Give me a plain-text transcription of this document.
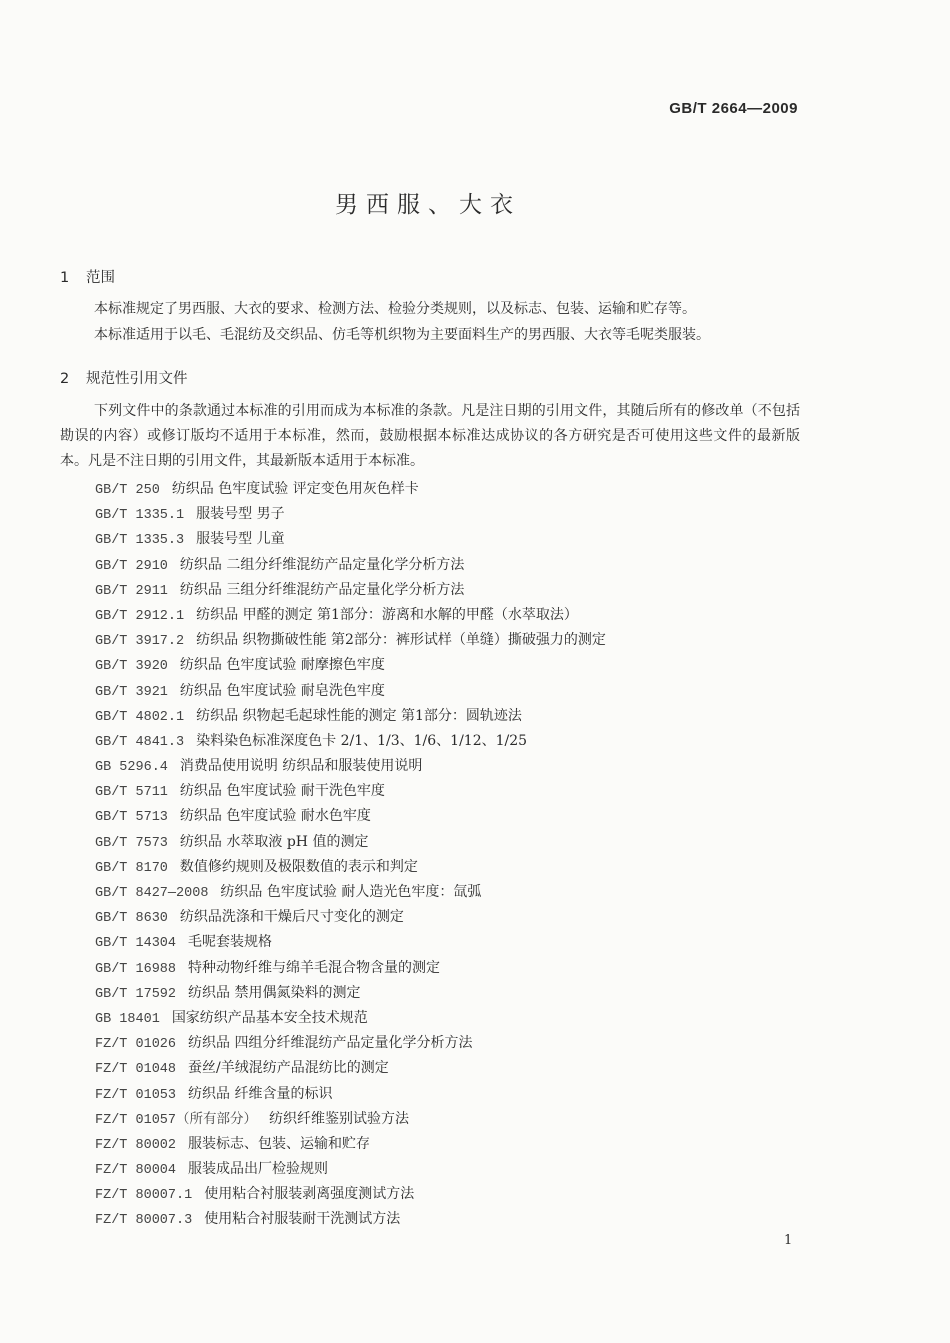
GB/T 2664—2009
男西服、大衣
1 范围
本标准规定了男西服、大衣的要求、检测方法、检验分类规则，以及标志、包装、运输和贮存等。
本标准适用于以毛、毛混纺及交织品、仿毛等机织物为主要面料生产的男西服、大衣等毛呢类服装。
2 规范性引用文件
下列文件中的条款通过本标准的引用而成为本标准的条款。凡是注日期的引用文件，其随后所有的修改单（不包括勘误的内容）或修订版均不适用于本标准，然而，鼓励根据本标准达成协议的各方研究是否可使用这些文件的最新版本。凡是不注日期的引用文件，其最新版本适用于本标准。
GB/T 250 纺织品 色牢度试验 评定变色用灰色样卡
GB/T 1335.1 服装号型 男子
GB/T 1335.3 服装号型 儿童
GB/T 2910 纺织品 二组分纤维混纺产品定量化学分析方法
GB/T 2911 纺织品 三组分纤维混纺产品定量化学分析方法
GB/T 2912.1 纺织品 甲醛的测定 第1部分：游离和水解的甲醛（水萃取法）
GB/T 3917.2 纺织品 织物撕破性能 第2部分：裤形试样（单缝）撕破强力的测定
GB/T 3920 纺织品 色牢度试验 耐摩擦色牢度
GB/T 3921 纺织品 色牢度试验 耐皂洗色牢度
GB/T 4802.1 纺织品 织物起毛起球性能的测定 第1部分：圆轨迹法
GB/T 4841.3 染料染色标准深度色卡 2/1、1/3、1/6、1/12、1/25
GB 5296.4 消费品使用说明 纺织品和服装使用说明
GB/T 5711 纺织品 色牢度试验 耐干洗色牢度
GB/T 5713 纺织品 色牢度试验 耐水色牢度
GB/T 7573 纺织品 水萃取液 pH 值的测定
GB/T 8170 数值修约规则及极限数值的表示和判定
GB/T 8427—2008 纺织品 色牢度试验 耐人造光色牢度：氙弧
GB/T 8630 纺织品洗涤和干燥后尺寸变化的测定
GB/T 14304 毛呢套装规格
GB/T 16988 特种动物纤维与绵羊毛混合物含量的测定
GB/T 17592 纺织品 禁用偶氮染料的测定
GB 18401 国家纺织产品基本安全技术规范
FZ/T 01026 纺织品 四组分纤维混纺产品定量化学分析方法
FZ/T 01048 蚕丝/羊绒混纺产品混纺比的测定
FZ/T 01053 纺织品 纤维含量的标识
FZ/T 01057（所有部分） 纺织纤维鉴别试验方法
FZ/T 80002 服装标志、包装、运输和贮存
FZ/T 80004 服装成品出厂检验规则
FZ/T 80007.1 使用粘合衬服装剥离强度测试方法
FZ/T 80007.3 使用粘合衬服装耐干洗测试方法
1
